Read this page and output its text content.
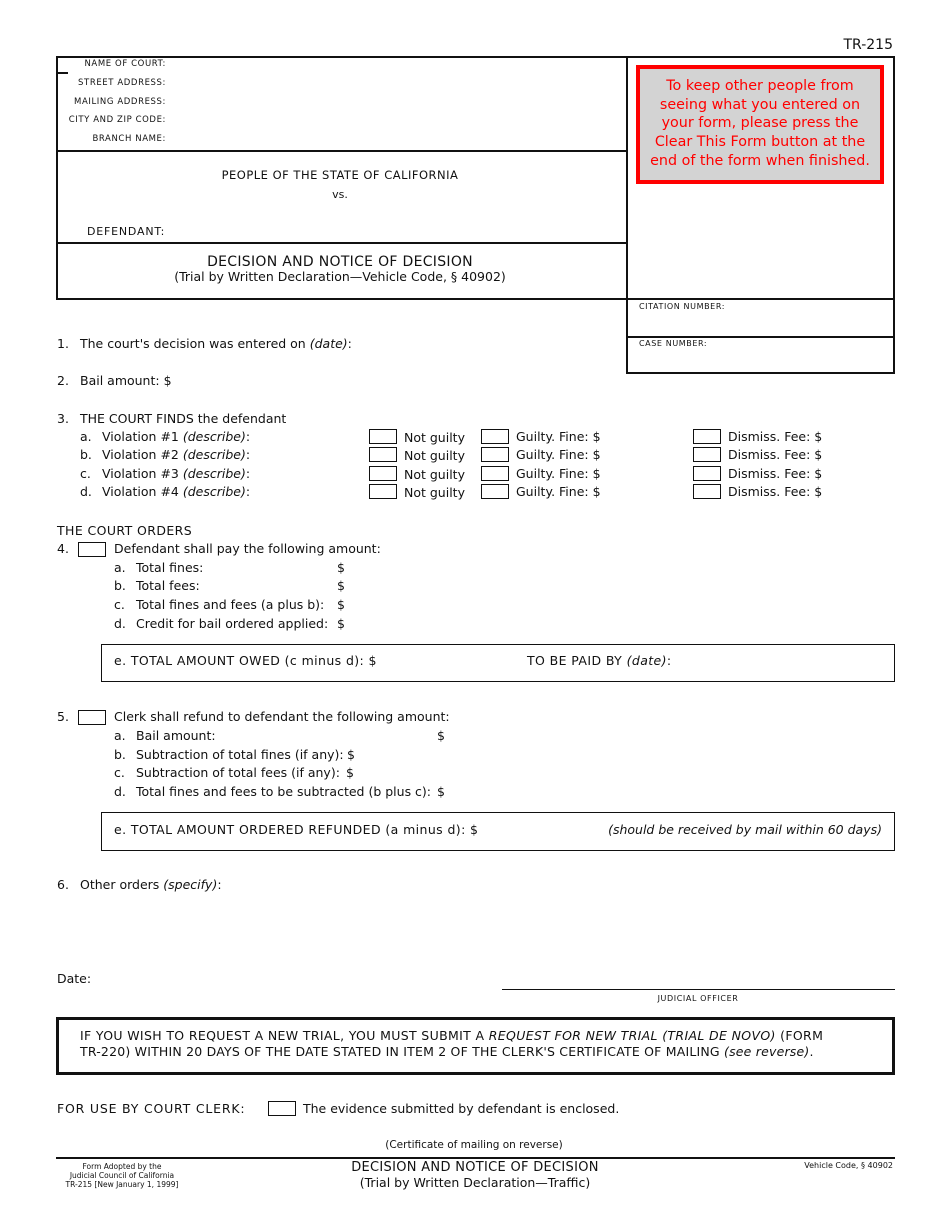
TR-215
NAME OF COURT:
STREET ADDRESS:
MAILING ADDRESS:
CITY AND ZIP CODE:
BRANCH NAME:
PEOPLE OF THE STATE OF CALIFORNIA
vs.
DEFENDANT:
DECISION AND NOTICE OF DECISION
(Trial by Written Declaration—Vehicle Code, § 40902)
To keep other people from seeing what you entered on your form, please press the Clear This Form button at the end of the form when finished.
CITATION NUMBER:
CASE NUMBER:
1. The court's decision was entered on (date):
2. Bail amount: $
3. THE COURT FINDS the defendant
a. Violation #1 (describe):	Not guilty	Guilty. Fine: $	Dismiss. Fee: $
b. Violation #2 (describe):	Not guilty	Guilty. Fine: $	Dismiss. Fee: $
c. Violation #3 (describe):	Not guilty	Guilty. Fine: $	Dismiss. Fee: $
d. Violation #4 (describe):	Not guilty	Guilty. Fine: $	Dismiss. Fee: $
THE COURT ORDERS
4.	Defendant shall pay the following amount:
a. Total fines:	$
b. Total fees:	$
c. Total fines and fees (a plus b): $
d. Credit for bail ordered applied: $
e. TOTAL AMOUNT OWED (c minus d): $	TO BE PAID BY (date):
5.	Clerk shall refund to defendant the following amount:
a. Bail amount:	$
b. Subtraction of total fines (if any): $
c. Subtraction of total fees (if any): $
d. Total fines and fees to be subtracted (b plus c): $
e. TOTAL AMOUNT ORDERED REFUNDED (a minus d): $	(should be received by mail within 60 days)
6. Other orders (specify):
Date:
JUDICIAL OFFICER
IF YOU WISH TO REQUEST A NEW TRIAL, YOU MUST SUBMIT A REQUEST FOR NEW TRIAL (TRIAL DE NOVO) (FORM
TR-220) WITHIN 20 DAYS OF THE DATE STATED IN ITEM 2 OF THE CLERK'S CERTIFICATE OF MAILING (see reverse).
FOR USE BY COURT CLERK:	The evidence submitted by defendant is enclosed.
(Certificate of mailing on reverse)
Form Adopted by the
Judicial Council of California
TR-215 [New January 1, 1999]
DECISION AND NOTICE OF DECISION
(Trial by Written Declaration—Traffic)
Vehicle Code, § 40902
